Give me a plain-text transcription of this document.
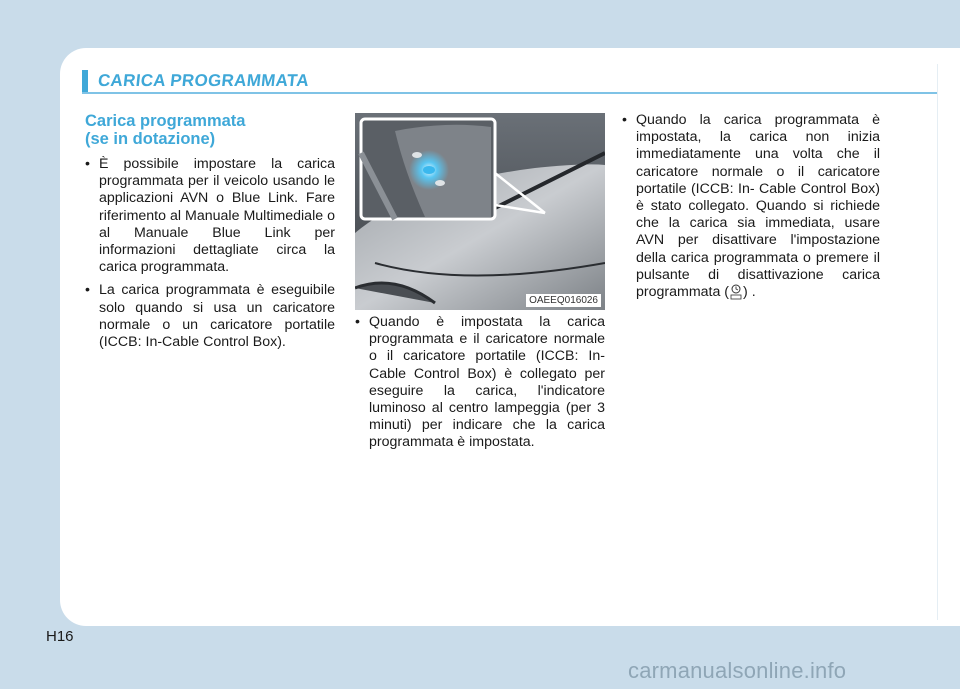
CARICA PROGRAMMATA
Carica programmata
(se in dotazione)
• È possibile impostare la carica programmata per il veicolo usando le applicazioni AVN o Blue Link. Fare riferimento al Manuale Multimediale o al Manuale Blue Link per informazioni dettagliate circa la carica programmata.
• La carica programmata è eseguibile solo quando si usa un caricatore normale o un caricatore portatile (ICCB: In-Cable Control Box).
OAEEQ016026
• Quando è impostata la carica programmata e il caricatore normale o il caricatore portatile (ICCB: In- Cable Control Box) è collegato per eseguire la carica, l'indicatore luminoso al centro lampeggia (per 3 minuti) per indicare che la carica programmata è impostata.
• Quando la carica programmata è impostata, la carica non inizia immediatamente una volta che il caricatore normale o il caricatore portatile (ICCB: In- Cable Control Box) è stato collegato. Quando si richiede che la carica sia immediata, usare AVN per disattivare l'impostazione della carica programmata o premere il pulsante di disattivazione carica programmata ( ) .
H16
carmanualsonline.info
